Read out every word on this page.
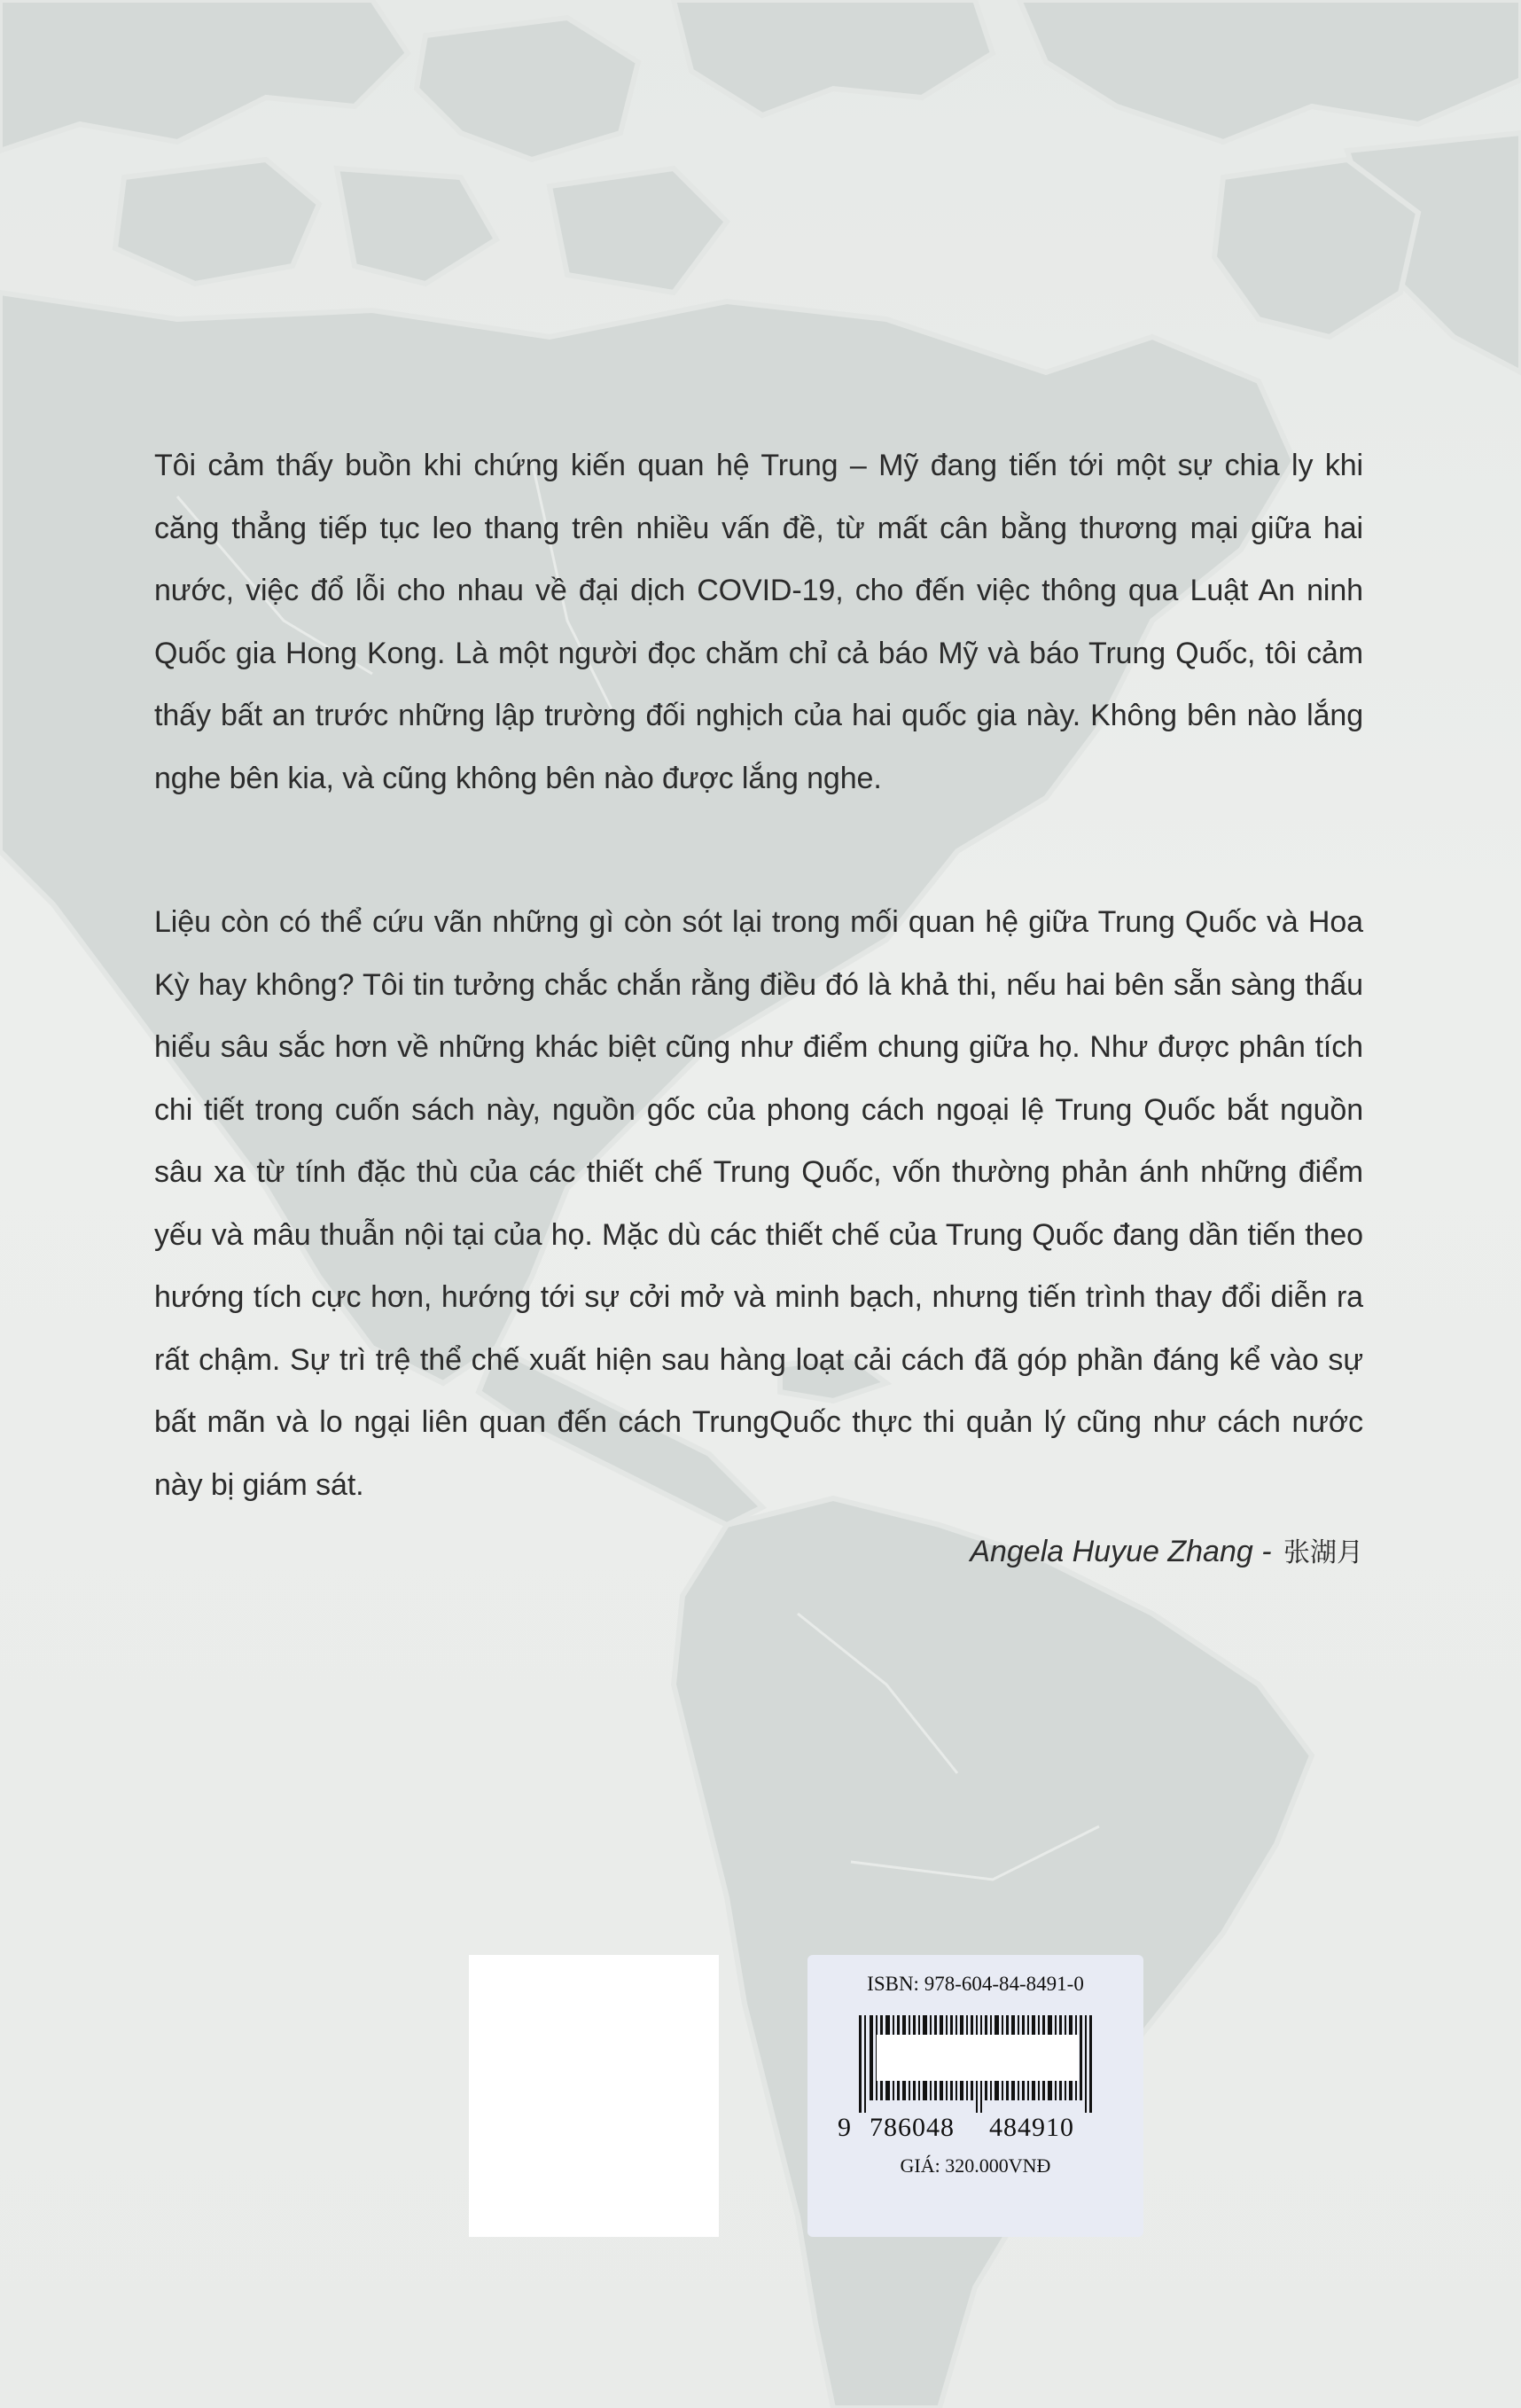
Tôi cảm thấy buồn khi chứng kiến quan hệ Trung – Mỹ đang tiến tới một sự chia ly khi căng thẳng tiếp tục leo thang trên nhiều vấn đề, từ mất cân bằng thương mại giữa hai nước, việc đổ lỗi cho nhau về đại dịch COVID-19, cho đến việc thông qua Luật An ninh Quốc gia Hong Kong. Là một người đọc chăm chỉ cả báo Mỹ và báo Trung Quốc, tôi cảm thấy bất an trước những lập trường đối nghịch của hai quốc gia này. Không bên nào lắng nghe bên kia, và cũng không bên nào được lắng nghe.
Liệu còn có thể cứu vãn những gì còn sót lại trong mối quan hệ giữa Trung Quốc và Hoa Kỳ hay không? Tôi tin tưởng chắc chắn rằng điều đó là khả thi, nếu hai bên sẵn sàng thấu hiểu sâu sắc hơn về những khác biệt cũng như điểm chung giữa họ. Như được phân tích chi tiết trong cuốn sách này, nguồn gốc của phong cách ngoại lệ Trung Quốc bắt nguồn sâu xa từ tính đặc thù của các thiết chế Trung Quốc, vốn thường phản ánh những điểm yếu và mâu thuẫn nội tại của họ. Mặc dù các thiết chế của Trung Quốc đang dần tiến theo hướng tích cực hơn, hướng tới sự cởi mở và minh bạch, nhưng tiến trình thay đổi diễn ra rất chậm. Sự trì trệ thể chế xuất hiện sau hàng loạt cải cách đã góp phần đáng kể vào sự bất mãn và lo ngại liên quan đến cách TrungQuốc thực thi quản lý cũng như cách nước này bị giám sát.
Angela Huyue Zhang - 张湖月
ISBN: 978-604-84-8491-0
9 786048 484910
GIÁ: 320.000VNĐ
